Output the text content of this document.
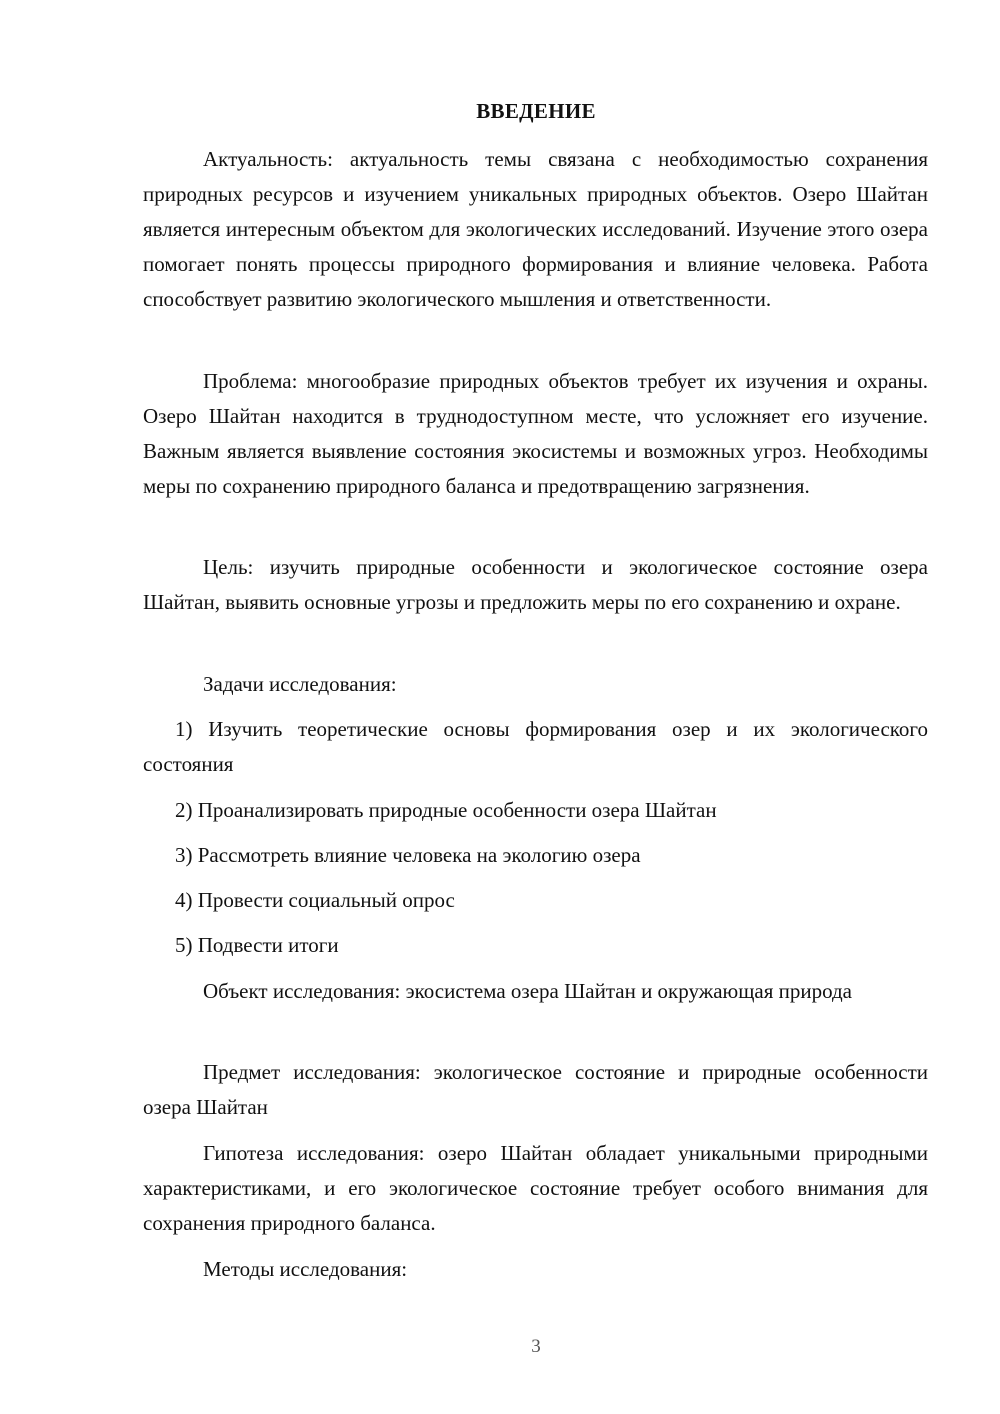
ВВЕДЕНИЕ

Актуальность: актуальность темы связана с необходимостью сохранения природных ресурсов и изучением уникальных природных объектов. Озеро Шайтан является интересным объектом для экологических исследований. Изучение этого озера помогает понять процессы природного формирования и влияние человека. Работа способствует развитию экологического мышления и ответственности.

Проблема: многообразие природных объектов требует их изучения и охраны. Озеро Шайтан находится в труднодоступном месте, что усложняет его изучение. Важным является выявление состояния экосистемы и возможных угроз. Необходимы меры по сохранению природного баланса и предотвращению загрязнения.

Цель: изучить природные особенности и экологическое состояние озера Шайтан, выявить основные угрозы и предложить меры по его сохранению и охране.

Задачи исследования:

1) Изучить теоретические основы формирования озер и их экологического состояния

2) Проанализировать природные особенности озера Шайтан

3) Рассмотреть влияние человека на экологию озера

4) Провести социальный опрос

5) Подвести итоги

Объект исследования: экосистема озера Шайтан и окружающая природа

Предмет исследования: экологическое состояние и природные особенности озера Шайтан

Гипотеза исследования: озеро Шайтан обладает уникальными природными характеристиками, и его экологическое состояние требует особого внимания для сохранения природного баланса.

Методы исследования:

3
